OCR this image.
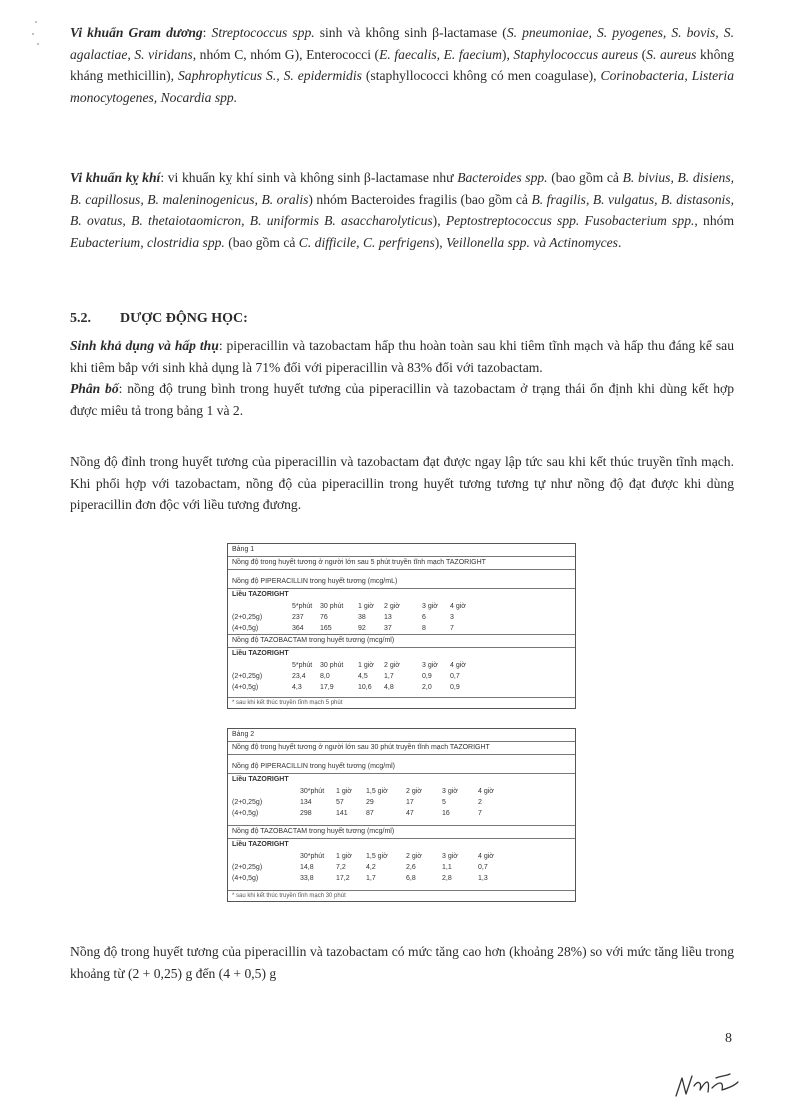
Vi khuẩn Gram dương: Streptococcus spp. sinh và không sinh β-lactamase (S. pneumoniae, S. pyogenes, S. bovis, S. agalactiae, S. viridans, nhóm C, nhóm G), Enterococci (E. faecalis, E. faecium), Staphylococcus aureus (S. aureus không kháng methicillin), Saphrophyticus S., S. epidermidis (staphyllococci không có men coagulase), Corinobacteria, Listeria monocytogenes, Nocardia spp.

Vi khuẩn kỵ khí: vi khuẩn kỵ khí sinh và không sinh β-lactamase như Bacteroides spp. (bao gồm cả B. bivius, B. disiens, B. capillosus, B. maleninogenicus, B. oralis) nhóm Bacteroides fragilis (bao gồm cả B. fragilis, B. vulgatus, B. distasonis, B. ovatus, B. thetaiotaomicron, B. uniformis B. asaccharolyticus), Peptostreptococcus spp. Fusobacterium spp., nhóm Eubacterium, clostridia spp. (bao gồm cả C. difficile, C. perfrigens), Veillonella spp. và Actinomyces.

5.2. DƯỢC ĐỘNG HỌC:

Sinh khả dụng và hấp thụ: piperacillin và tazobactam hấp thu hoàn toàn sau khi tiêm tĩnh mạch và hấp thu đáng kể sau khi tiêm bắp với sinh khả dụng là 71% đối với piperacillin và 83% đối với tazobactam.
Phân bố: nồng độ trung bình trong huyết tương của piperacillin và tazobactam ở trạng thái ổn định khi dùng kết hợp được miêu tả trong bảng 1 và 2.

Nồng độ đỉnh trong huyết tương của piperacillin và tazobactam đạt được ngay lập tức sau khi kết thúc truyền tĩnh mạch. Khi phối hợp với tazobactam, nồng độ của piperacillin trong huyết tương tương tự như nồng độ đạt được khi dùng piperacillin đơn độc với liều tương đương.

Bảng 1
Nồng độ trong huyết tương ở người lớn sau 5 phút truyền tĩnh mạch TAZORIGHT
Nồng độ PIPERACILLIN trong huyết tương (mcg/mL)
Liều TAZORIGHT
5*phút	30 phút	1 giờ	2 giờ	3 giờ	4 giờ
(2+0,25g)	237	76	38	13	6	3
(4+0,5g)	364	165	92	37	8	7
Nồng độ TAZOBACTAM trong huyết tương (mcg/ml)
Liều TAZORIGHT
5*phút	30 phút	1 giờ	2 giờ	3 giờ	4 giờ
(2+0,25g)	23,4	8,0	4,5	1,7	0,9	0,7
(4+0,5g)	4,3	17,9	10,6	4,8	2,0	0,9
* sau khi kết thúc truyền tĩnh mạch 5 phút
Bảng 2
Nồng độ trong huyết tương ở người lớn sau 30 phút truyền tĩnh mạch TAZORIGHT
Nồng độ PIPERACILLIN trong huyết tương (mcg/ml)
Liều TAZORIGHT
30*phút	1 giờ	1,5 giờ	2 giờ	3 giờ	4 giờ
(2+0,25g)	134	57	29	17	5	2
(4+0,5g)	298	141	87	47	16	7
Nồng độ TAZOBACTAM trong huyết tương (mcg/ml)
Liều TAZORIGHT
30*phút	1 giờ	1,5 giờ	2 giờ	3 giờ	4 giờ
(2+0,25g)	14,8	7,2	4,2	2,6	1,1	0,7
(4+0,5g)	33,8	17,2	1,7	6,8	2,8	1,3
* sau khi kết thúc truyền tĩnh mạch 30 phút

Nồng độ trong huyết tương của piperacillin và tazobactam có mức tăng cao hơn (khoảng 28%) so với mức tăng liều trong khoảng từ (2 + 0,25) g đến (4 + 0,5) g

8
